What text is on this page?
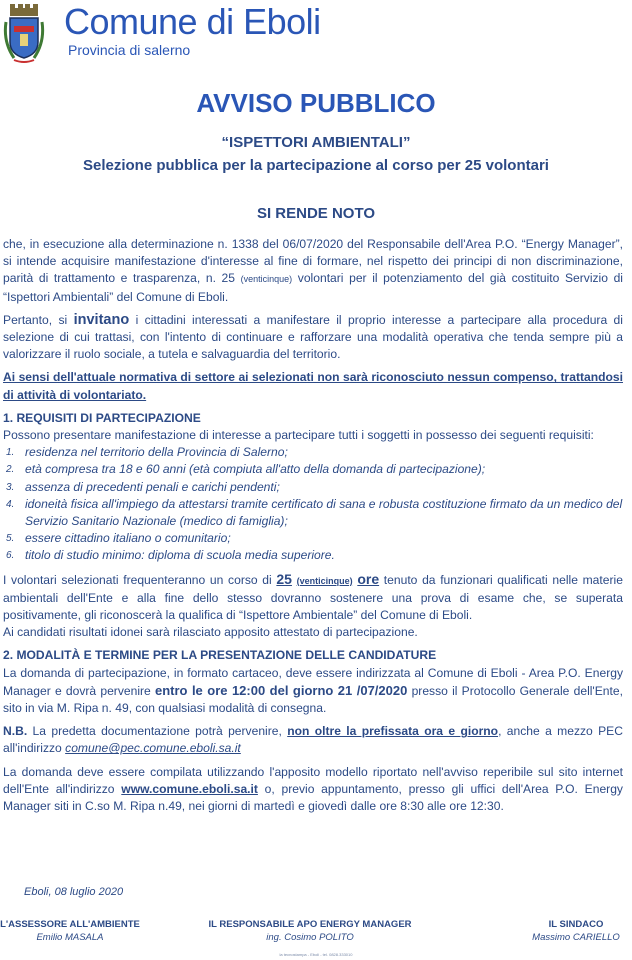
Comune di Eboli
Provincia di salerno
AVVISO PUBBLICO
“ISPETTORI AMBIENTALI”
Selezione pubblica per la partecipazione al corso per 25 volontari
SI RENDE NOTO

che, in esecuzione alla determinazione n. 1338 del 06/07/2020 del Responsabile dell'Area P.O. “Energy Manager”, si intende acquisire manifestazione d'interesse al fine di formare, nel rispetto dei principi di non discriminazione, parità di trattamento e trasparenza, n. 25 (venticinque) volontari per il potenziamento del già costituito Servizio di “Ispettori Ambientali” del Comune di Eboli.

Pertanto, si invitano i cittadini interessati a manifestare il proprio interesse a partecipare alla procedura di selezione di cui trattasi, con l'intento di continuare e rafforzare una modalità operativa che tenda sempre più a valorizzare il ruolo sociale, a tutela e salvaguardia del territorio.

Ai sensi dell'attuale normativa di settore ai selezionati non sarà riconosciuto nessun compenso, trattandosi di attività di volontariato.

1. REQUISITI DI PARTECIPAZIONE

Possono presentare manifestazione di interesse a partecipare tutti i soggetti in possesso dei seguenti requisiti:

1. residenza nel territorio della Provincia di Salerno;
2. età compresa tra 18 e 60 anni (età compiuta all'atto della domanda di partecipazione);
3. assenza di precedenti penali e carichi pendenti;
4. idoneità fisica all'impiego da attestarsi tramite certificato di sana e robusta costituzione firmato da un medico del Servizio Sanitario Nazionale (medico di famiglia);
5. essere cittadino italiano o comunitario;
6. titolo di studio minimo: diploma di scuola media superiore.

I volontari selezionati frequenteranno un corso di 25 (venticinque) ore tenuto da funzionari qualificati nelle materie ambientali dell'Ente e alla fine dello stesso dovranno sostenere una prova di esame che, se superata positivamente, gli riconoscerà la qualifica di “Ispettore Ambientale” del Comune di Eboli.
Ai candidati risultati idonei sarà rilasciato apposito attestato di partecipazione.

2. MODALITÀ E TERMINE PER LA PRESENTAZIONE DELLE CANDIDATURE

La domanda di partecipazione, in formato cartaceo, deve essere indirizzata al Comune di Eboli - Area P.O. Energy Manager e dovrà pervenire entro le ore 12:00 del giorno 21 /07/2020 presso il Protocollo Generale dell'Ente, sito in via M. Ripa n. 49, con qualsiasi modalità di consegna.

N.B. La predetta documentazione potrà pervenire, non oltre la prefissata ora e giorno, anche a mezzo PEC all'indirizzo comune@pec.comune.eboli.sa.it

La domanda deve essere compilata utilizzando l'apposito modello riportato nell'avviso reperibile sul sito internet dell'Ente all'indirizzo www.comune.eboli.sa.it o, previo appuntamento, presso gli uffici dell'Area P.O. Energy Manager siti in C.so M. Ripa n.49, nei giorni di martedì e giovedì dalle ore 8:30 alle ore 12:30.

Eboli, 08 luglio 2020
L'ASSESSORE ALL'AMBIENTE
Emilio MASALA
IL RESPONSABILE APO ENERGY MANAGER
ing. Cosimo POLITO
IL SINDACO
Massimo CARIELLO
la tecnostampa - Eboli - tel. 0828.333010
